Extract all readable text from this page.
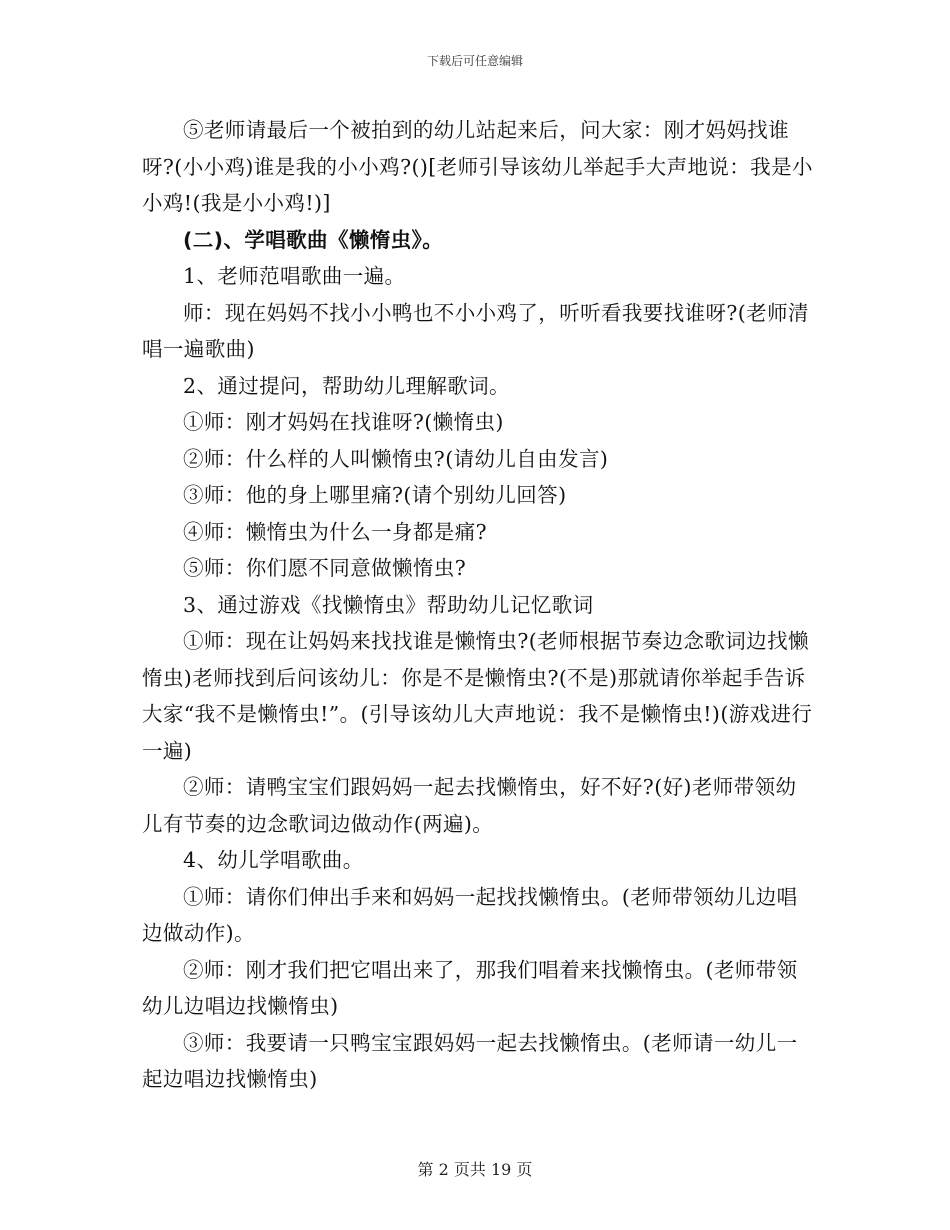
下载后可任意编辑

⑤老师请最后一个被拍到的幼儿站起来后，问大家：刚才妈妈找谁呀?(小小鸡)谁是我的小小鸡?()[老师引导该幼儿举起手大声地说：我是小小鸡!(我是小小鸡!)]

(二)、学唱歌曲《懒惰虫》。

1、老师范唱歌曲一遍。

师：现在妈妈不找小小鸭也不小小鸡了，听听看我要找谁呀?(老师清唱一遍歌曲)

2、通过提问，帮助幼儿理解歌词。

①师：刚才妈妈在找谁呀?(懒惰虫)

②师：什么样的人叫懒惰虫?(请幼儿自由发言)

③师：他的身上哪里痛?(请个别幼儿回答)

④师：懒惰虫为什么一身都是痛?

⑤师：你们愿不同意做懒惰虫?

3、通过游戏《找懒惰虫》帮助幼儿记忆歌词

①师：现在让妈妈来找找谁是懒惰虫?(老师根据节奏边念歌词边找懒惰虫)老师找到后问该幼儿：你是不是懒惰虫?(不是)那就请你举起手告诉大家“我不是懒惰虫!”。(引导该幼儿大声地说：我不是懒惰虫!)(游戏进行一遍)

②师：请鸭宝宝们跟妈妈一起去找懒惰虫，好不好?(好)老师带领幼儿有节奏的边念歌词边做动作(两遍)。

4、幼儿学唱歌曲。

①师：请你们伸出手来和妈妈一起找找懒惰虫。(老师带领幼儿边唱边做动作)。

②师：刚才我们把它唱出来了，那我们唱着来找懒惰虫。(老师带领幼儿边唱边找懒惰虫)

③师：我要请一只鸭宝宝跟妈妈一起去找懒惰虫。(老师请一幼儿一起边唱边找懒惰虫)

第 2 页共 19 页
